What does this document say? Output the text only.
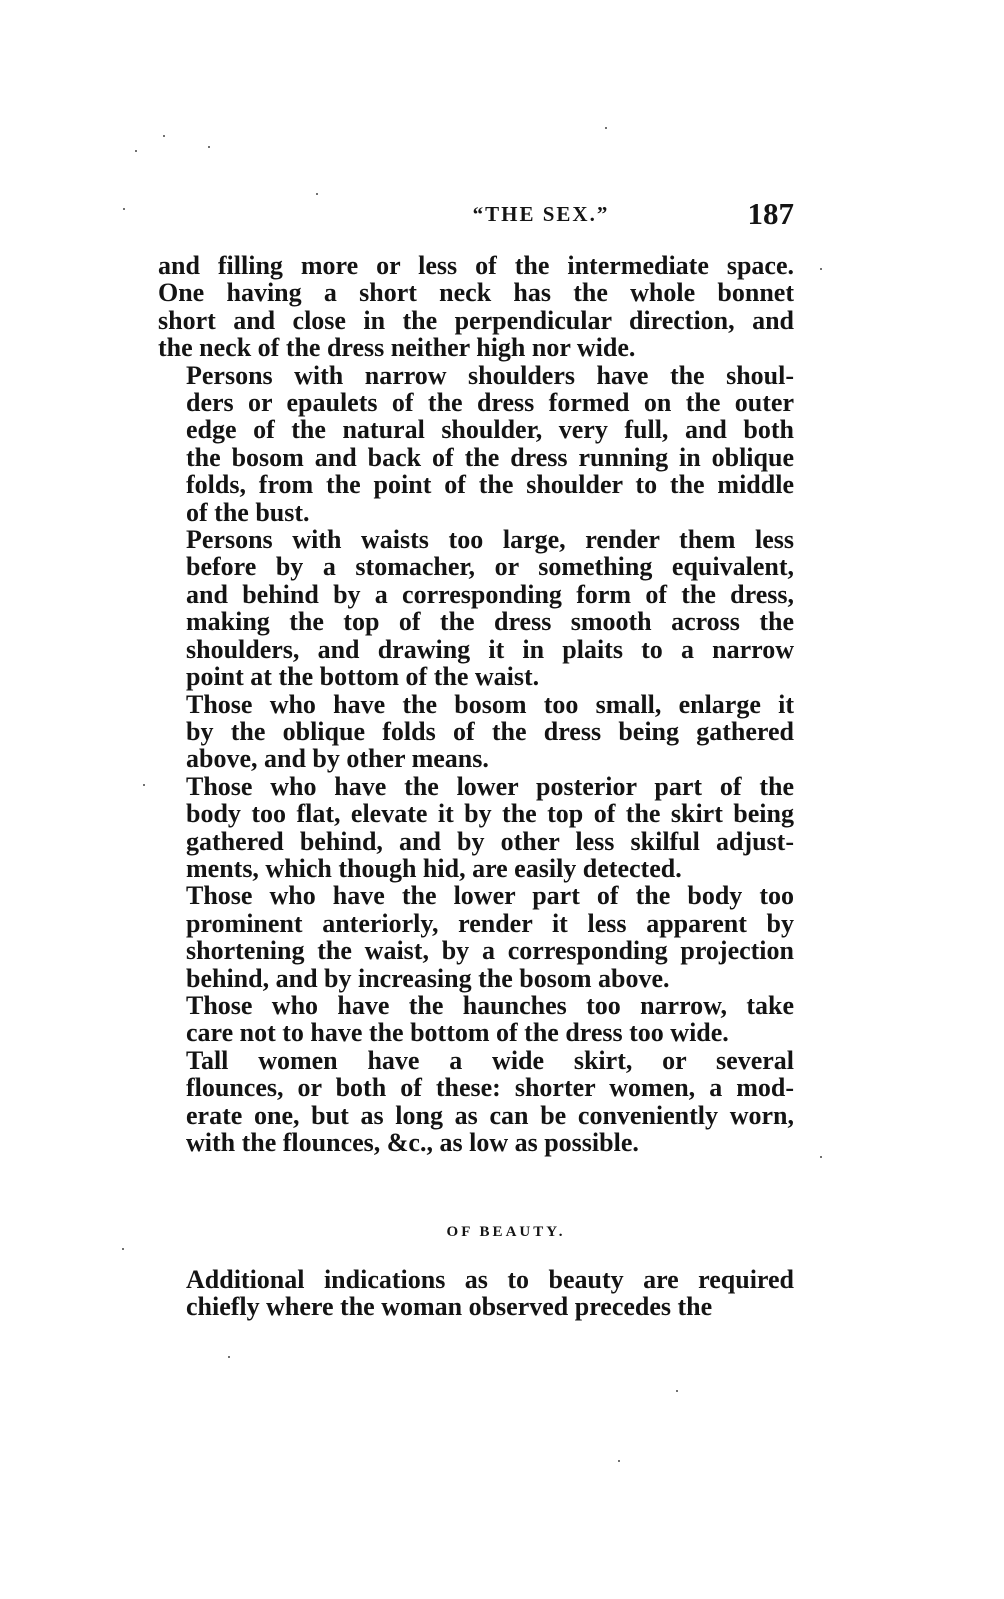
“THE SEX.”	187

and filling more or less of the intermediate space.
One having a short neck has the whole bonnet
short and close in the perpendicular direction, and
the neck of the dress neither high nor wide.

Persons with narrow shoulders have the shoul-
ders or epaulets of the dress formed on the outer
edge of the natural shoulder, very full, and both
the bosom and back of the dress running in oblique
folds, from the point of the shoulder to the middle
of the bust.

Persons with waists too large, render them less
before by a stomacher, or something equivalent,
and behind by a corresponding form of the dress,
making the top of the dress smooth across the
shoulders, and drawing it in plaits to a narrow
point at the bottom of the waist.

Those who have the bosom too small, enlarge it
by the oblique folds of the dress being gathered
above, and by other means.

Those who have the lower posterior part of the
body too flat, elevate it by the top of the skirt being
gathered behind, and by other less skilful adjust-
ments, which though hid, are easily detected.

Those who have the lower part of the body too
prominent anteriorly, render it less apparent by
shortening the waist, by a corresponding projection
behind, and by increasing the bosom above.

Those who have the haunches too narrow, take
care not to have the bottom of the dress too wide.

Tall women have a wide skirt, or several
flounces, or both of these: shorter women, a mod-
erate one, but as long as can be conveniently worn,
with the flounces, &c., as low as possible.

OF BEAUTY.

Additional indications as to beauty are required
chiefly where the woman observed precedes the
